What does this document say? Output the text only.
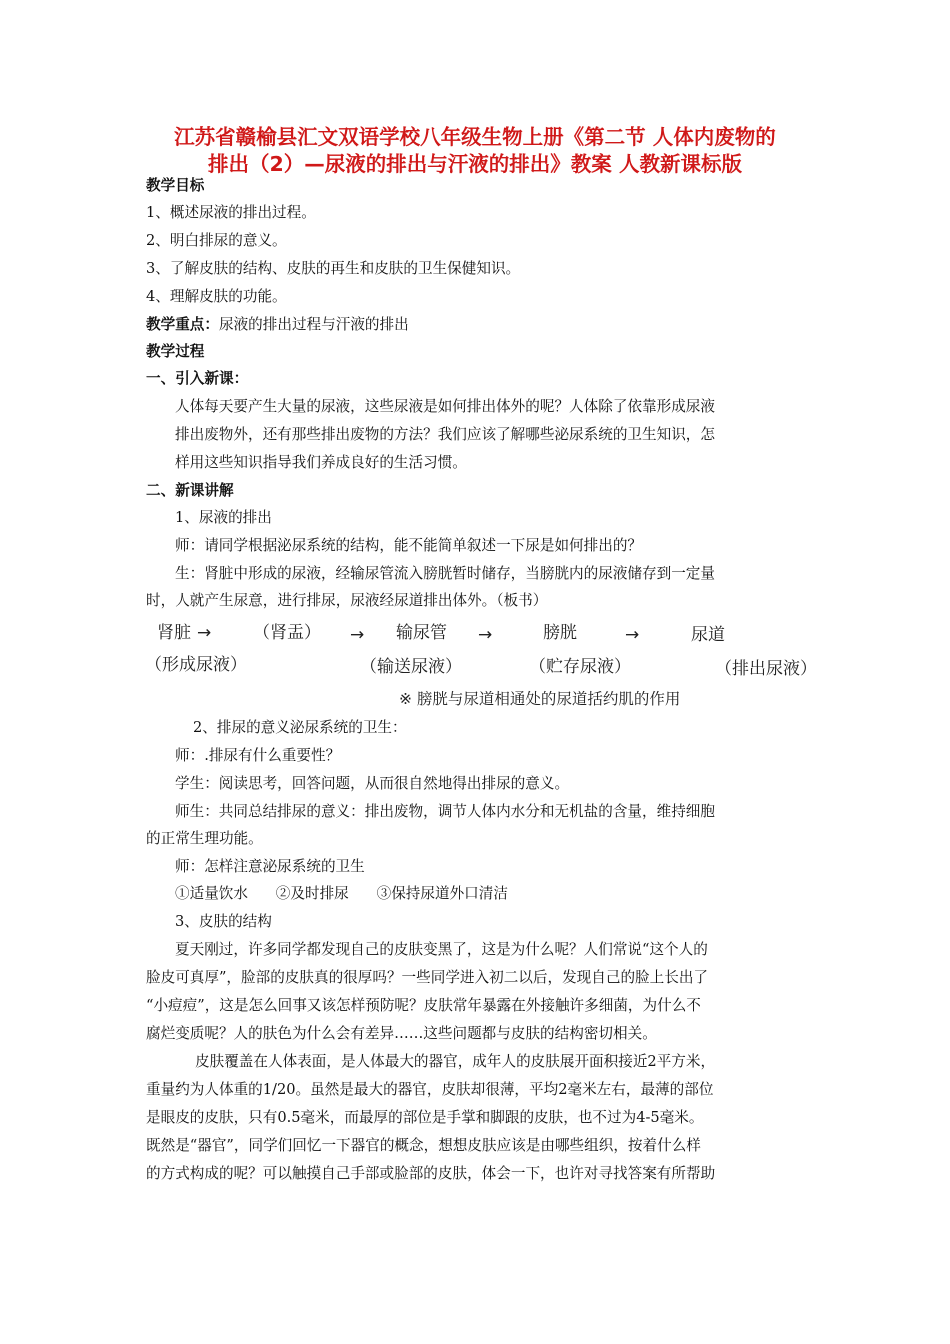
江苏省赣榆县汇文双语学校八年级生物上册《第二节 人体内废物的
排出（2）—尿液的排出与汗液的排出》教案 人教新课标版
教学目标
1、概述尿液的排出过程。
2、明白排尿的意义。
3、了解皮肤的结构、皮肤的再生和皮肤的卫生保健知识。
4、理解皮肤的功能。
教学重点：尿液的排出过程与汗液的排出
教学过程
一、引入新课：
人体每天要产生大量的尿液，这些尿液是如何排出体外的呢？人体除了依靠形成尿液
排出废物外，还有那些排出废物的方法？我们应该了解哪些泌尿系统的卫生知识，怎
样用这些知识指导我们养成良好的生活习惯。
二、新课讲解
1、尿液的排出
师：请同学根据泌尿系统的结构，能不能简单叙述一下尿是如何排出的？
生：肾脏中形成的尿液，经输尿管流入膀胱暂时储存，当膀胱内的尿液储存到一定量
时，人就产生尿意，进行排尿，尿液经尿道排出体外。（板书）
肾脏 → （肾盂） → 输尿管 →	膀胱	→	尿道
（形成尿液）	（输送尿液）	（贮存尿液）	（排出尿液）
※ 膀胱与尿道相通处的尿道括约肌的作用
2、排尿的意义泌尿系统的卫生：
师：.排尿有什么重要性？
学生：阅读思考，回答问题，从而很自然地得出排尿的意义。
师生：共同总结排尿的意义：排出废物，调节人体内水分和无机盐的含量，维持细胞
的正常生理功能。
师：怎样注意泌尿系统的卫生
①适量饮水      ②及时排尿      ③保持尿道外口清洁
3、皮肤的结构
夏天刚过，许多同学都发现自己的皮肤变黑了，这是为什么呢？人们常说“这个人的
脸皮可真厚”，脸部的皮肤真的很厚吗？一些同学进入初二以后，发现自己的脸上长出了
“小痘痘”，这是怎么回事又该怎样预防呢？皮肤常年暴露在外接触许多细菌，为什么不
腐烂变质呢？人的肤色为什么会有差异……这些问题都与皮肤的结构密切相关。
皮肤覆盖在人体表面，是人体最大的器官，成年人的皮肤展开面积接近2平方米，
重量约为人体重的1/20。虽然是最大的器官，皮肤却很薄，平均2毫米左右，最薄的部位
是眼皮的皮肤，只有0.5毫米，而最厚的部位是手掌和脚跟的皮肤，也不过为4-5毫米。
既然是“器官”，同学们回忆一下器官的概念，想想皮肤应该是由哪些组织，按着什么样
的方式构成的呢？可以触摸自己手部或脸部的皮肤，体会一下，也许对寻找答案有所帮助
